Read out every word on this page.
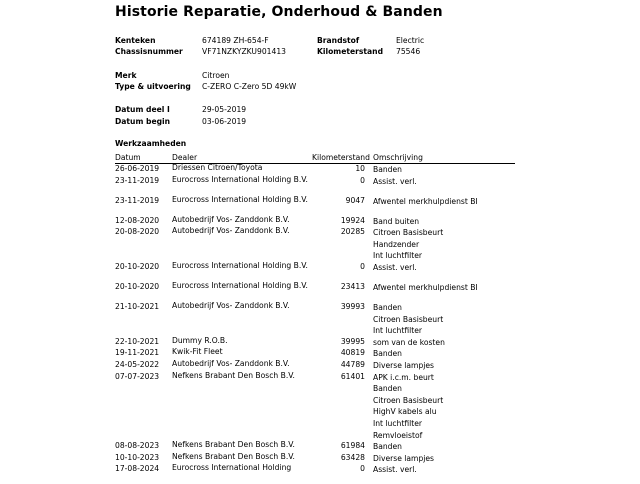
Historie Reparatie, Onderhoud & Banden
Kenteken	674189 ZH-654-F	Brandstof	Electric
Chassisnummer	VF71NZKYZKU901413	Kilometerstand 75546
Merk	Citroen
Type & uitvoering C-ZERO C-Zero 5D 49kW
Datum deel I	29-05-2019
Datum begin	03-06-2019
Werkzaamheden
Datum	Dealer	Kilometerstand Omschrijving
26-06-2019 Driessen Citroen/Toyota	10 Banden
23-11-2019 Eurocross International Holding B.V.	0 Assist. verl.
23-11-2019 Eurocross International Holding B.V.	9047 Afwentel merkhulpdienst BI
12-08-2020 Autobedrijf Vos- Zanddonk B.V.	19924 Band buiten
20-08-2020 Autobedrijf Vos- Zanddonk B.V.	20285 Citroen Basisbeurt
Handzender
Int luchtfilter
20-10-2020 Eurocross International Holding B.V.	0 Assist. verl.
20-10-2020 Eurocross International Holding B.V.	23413 Afwentel merkhulpdienst BI
21-10-2021 Autobedrijf Vos- Zanddonk B.V.	39993 Banden
Citroen Basisbeurt
Int luchtfilter
22-10-2021 Dummy R.O.B.	39995 som van de kosten
19-11-2021 Kwik-Fit Fleet	40819 Banden
24-05-2022 Autobedrijf Vos- Zanddonk B.V.	44789 Diverse lampjes
07-07-2023 Nefkens Brabant Den Bosch B.V.	61401 APK i.c.m. beurt
Banden
Citroen Basisbeurt
HighV kabels alu
Int luchtfilter
Remvloeistof
08-08-2023 Nefkens Brabant Den Bosch B.V.	61984 Banden
10-10-2023 Nefkens Brabant Den Bosch B.V.	63428 Diverse lampjes
17-08-2024 Eurocross International Holding	0 Assist. verl.
